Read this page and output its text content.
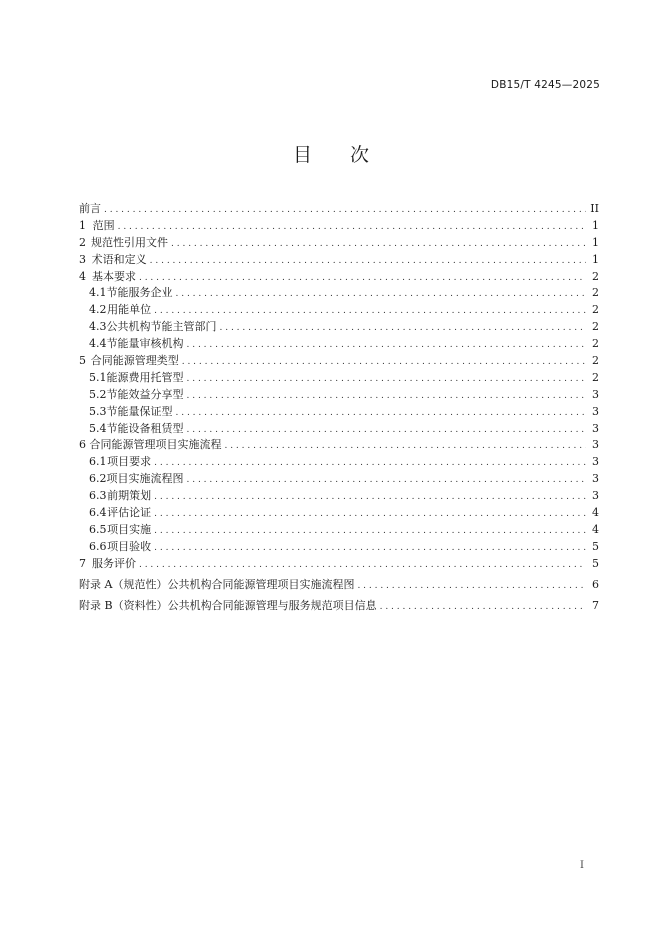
DB15/T 4245—2025
目　　次
前言 . . .	II
1 范围 . . .	1
2 规范性引用文件 . . .	1
3 术语和定义 . . .	1
4 基本要求 . . .	2
4.1 节能服务企业 . . .	2
4.2 用能单位 . . .	2
4.3 公共机构节能主管部门 . . .	2
4.4 节能量审核机构 . . .	2
5 合同能源管理类型 . . .	2
5.1 能源费用托管型 . . .	2
5.2 节能效益分享型 . . .	3
5.3 节能量保证型 . . .	3
5.4 节能设备租赁型 . . .	3
6 合同能源管理项目实施流程 . . .	3
6.1 项目要求 . . .	3
6.2 项目实施流程图 . . .	3
6.3 前期策划 . . .	3
6.4 评估论证 . . .	4
6.5 项目实施 . . .	4
6.6 项目验收 . . .	5
7 服务评价 . . .	5
附录 A（规范性） 公共机构合同能源管理项目实施流程图 . . .	6
附录 B（资料性） 公共机构合同能源管理与服务规范项目信息 . . .	7
I
